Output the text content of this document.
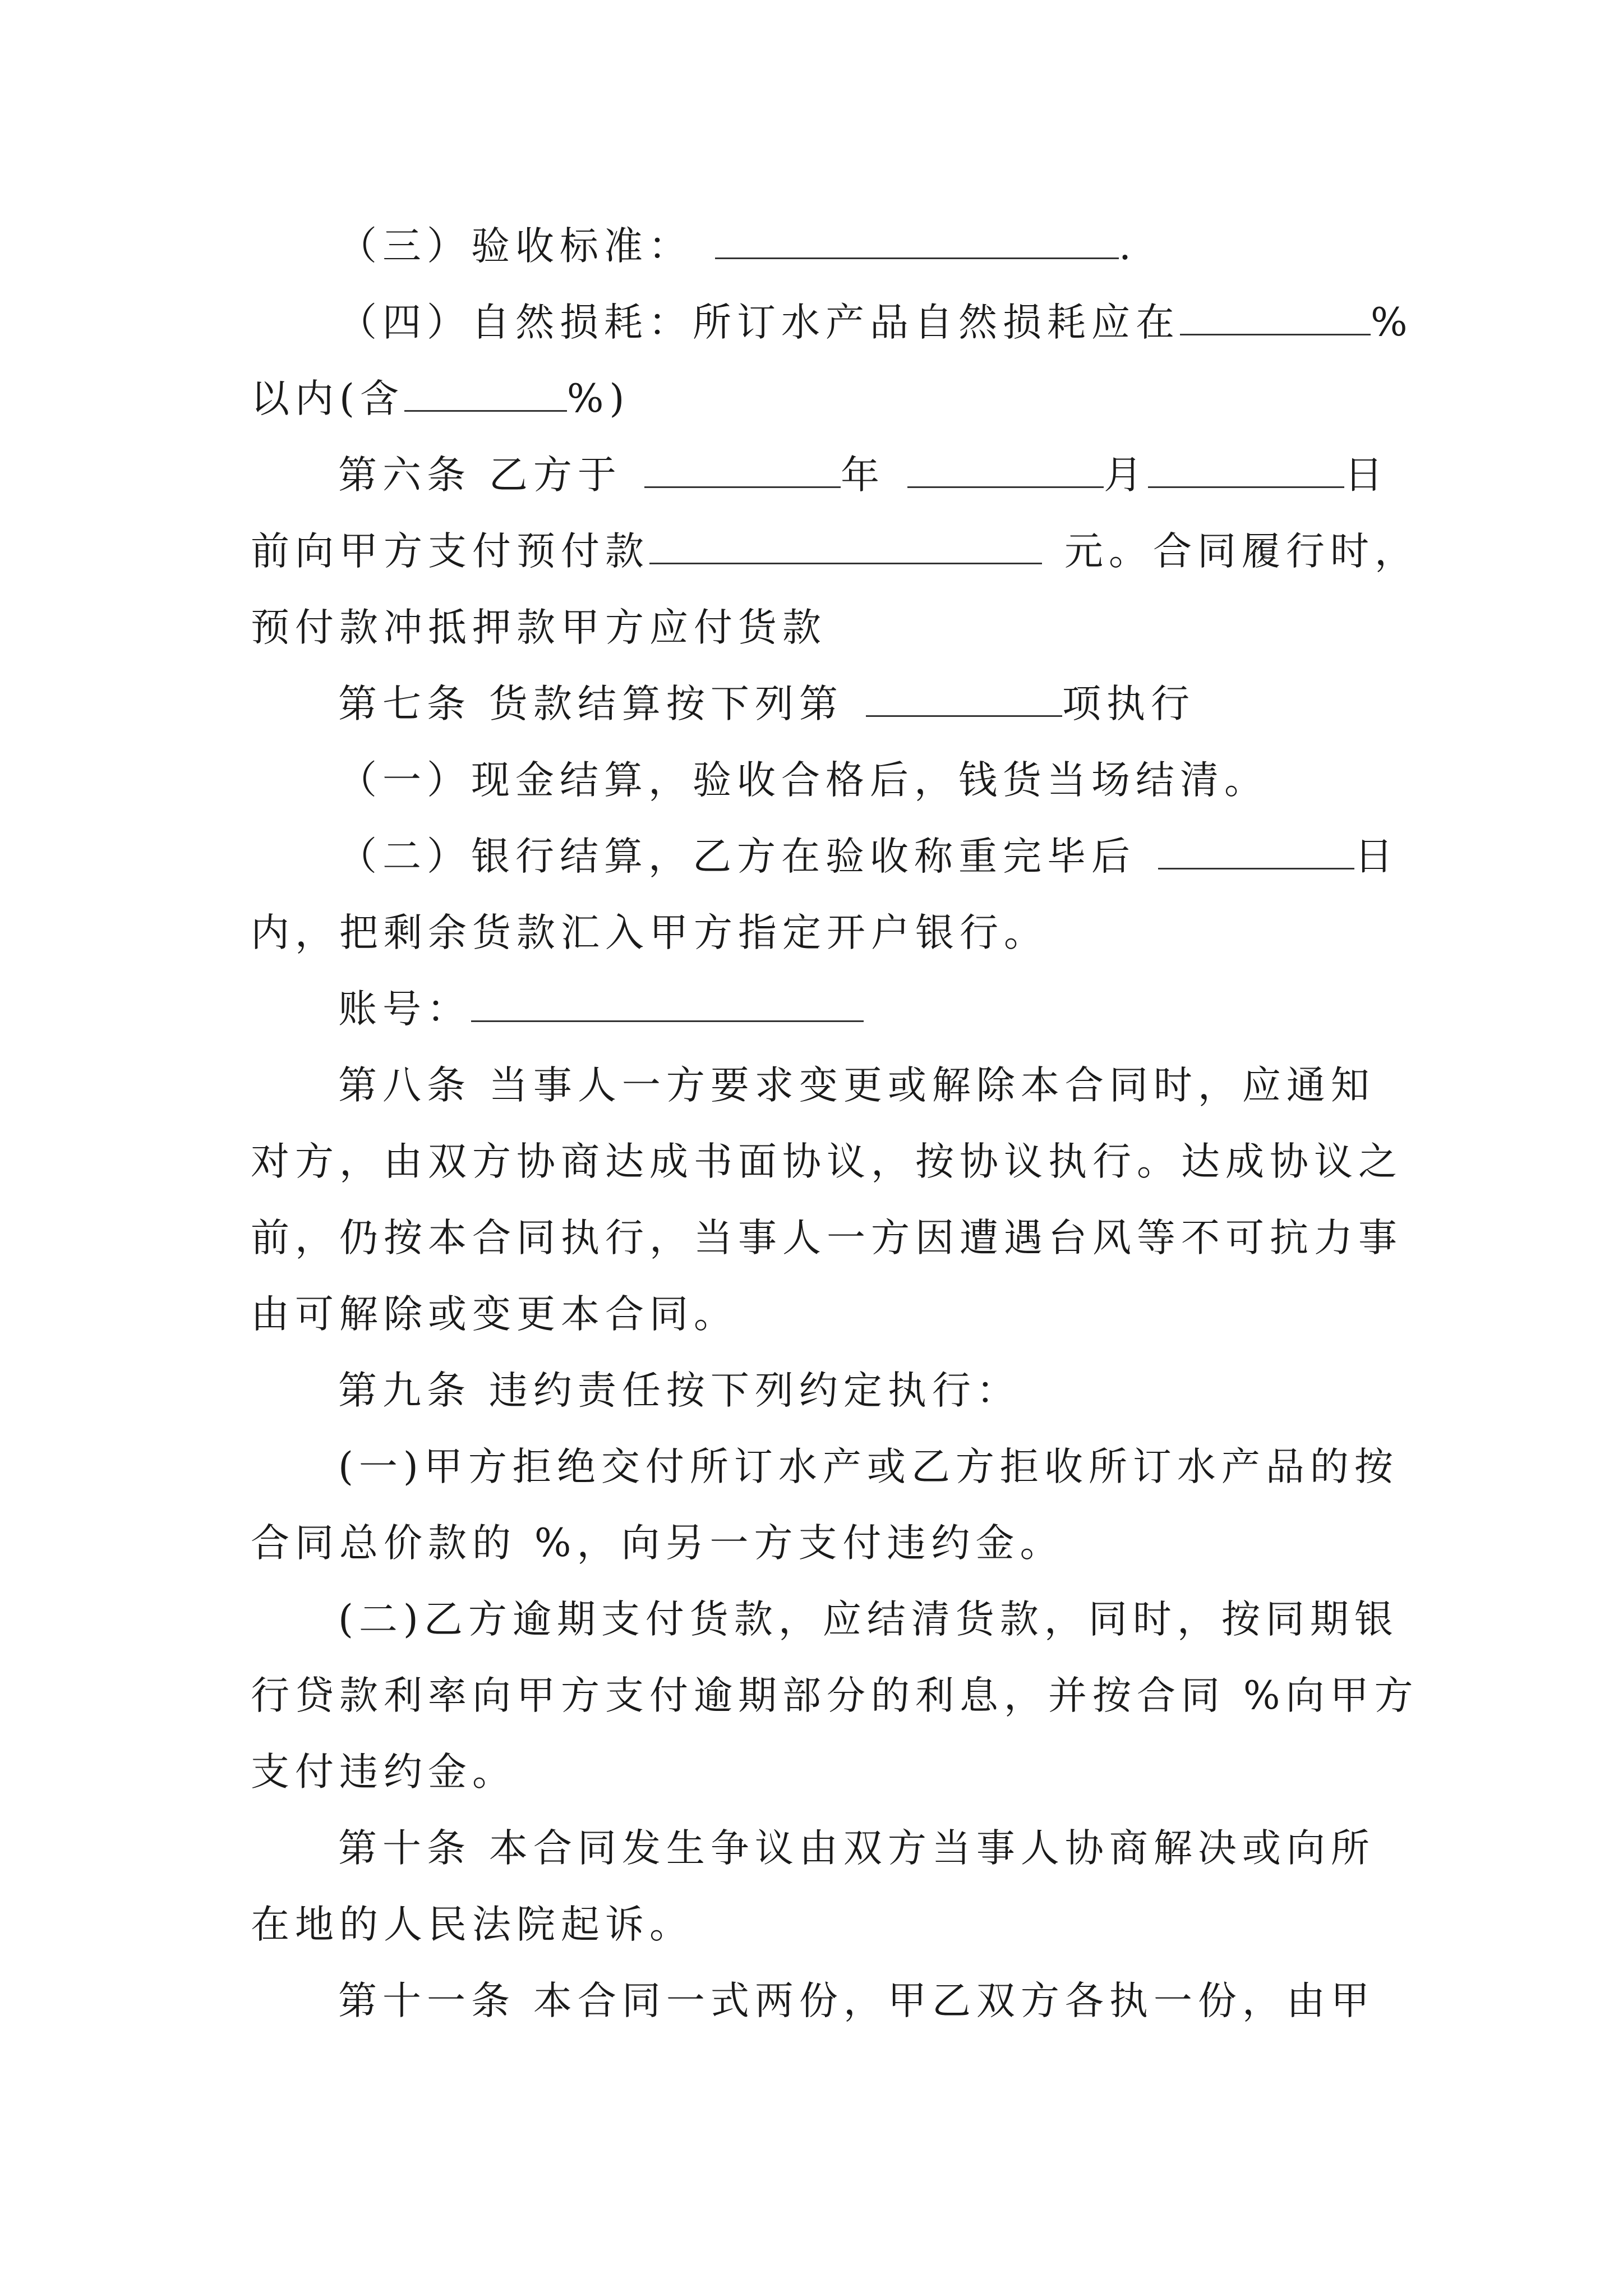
（三）验收标准：	.
（四）自然损耗：所订水产品自然损耗应在	%
以内(含	%)
第六条 乙方于	年	月	日
前向甲方支付预付款	元。合同履行时，
预付款冲抵押款甲方应付货款
第七条 货款结算按下列第	项执行
（一）现金结算，验收合格后，钱货当场结清。
（二）银行结算，乙方在验收称重完毕后	日
内，把剩余货款汇入甲方指定开户银行。
账号：
第八条 当事人一方要求变更或解除本合同时，应通知
对方，由双方协商达成书面协议，按协议执行。达成协议之
前，仍按本合同执行，当事人一方因遭遇台风等不可抗力事
由可解除或变更本合同。
第九条 违约责任按下列约定执行：
(一)甲方拒绝交付所订水产或乙方拒收所订水产品的按
合同总价款的 %，向另一方支付违约金。
(二)乙方逾期支付货款，应结清货款，同时，按同期银
行贷款利率向甲方支付逾期部分的利息，并按合同 %向甲方
支付违约金。
第十条 本合同发生争议由双方当事人协商解决或向所
在地的人民法院起诉。
第十一条 本合同一式两份，甲乙双方各执一份，由甲
